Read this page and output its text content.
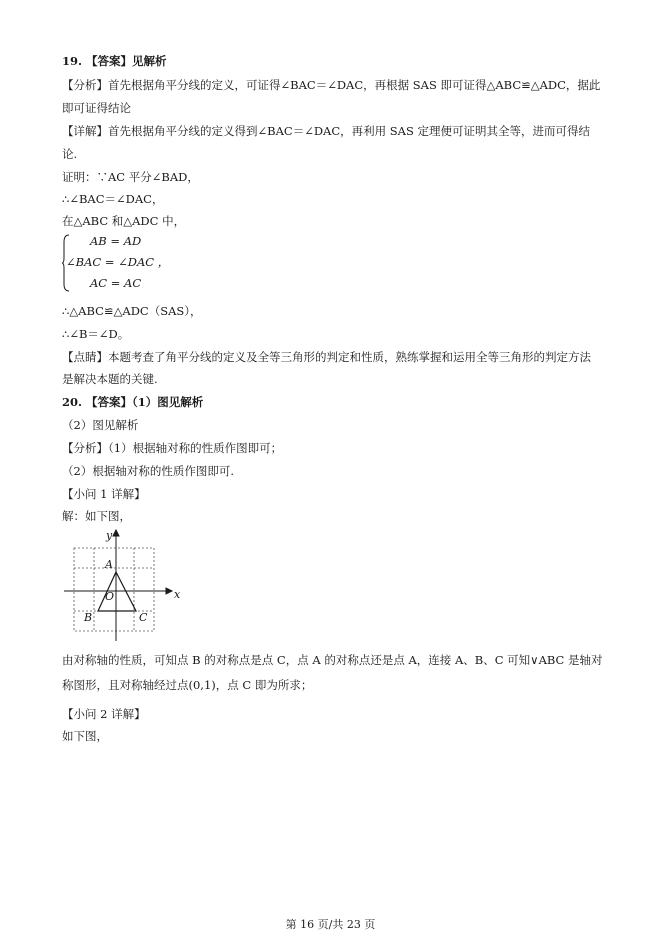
19. 【答案】见解析
【分析】首先根据角平分线的定义，可证得∠BAC＝∠DAC，再根据 SAS 即可证得△ABC≌△ADC，据此
即可证得结论
【详解】首先根据角平分线的定义得到∠BAC＝∠DAC，再利用 SAS 定理便可证明其全等，进而可得结
论.
证明：∵AC 平分∠BAD，
∴∠BAC＝∠DAC，
在△ABC 和△ADC 中，
AB = AD
∠BAC = ∠DAC ，
AC = AC
∴△ABC≌△ADC（SAS），
∴∠B＝∠D。
【点睛】本题考查了角平分线的定义及全等三角形的判定和性质，熟练掌握和运用全等三角形的判定方法
是解决本题的关键.
20. 【答案】（1）图见解析
（2）图见解析
【分析】（1）根据轴对称的性质作图即可；
（2）根据轴对称的性质作图即可.
【小问 1 详解】
解：如下图，
y
x
A
O
B	C
由对称轴的性质，可知点 B 的对称点是点 C，点 A 的对称点还是点 A，连接 A、B、C 可知∨ABC 是轴对
称图形，且对称轴经过点(0,1)，点 C 即为所求；
【小问 2 详解】
如下图，
第 16 页/共 23 页
